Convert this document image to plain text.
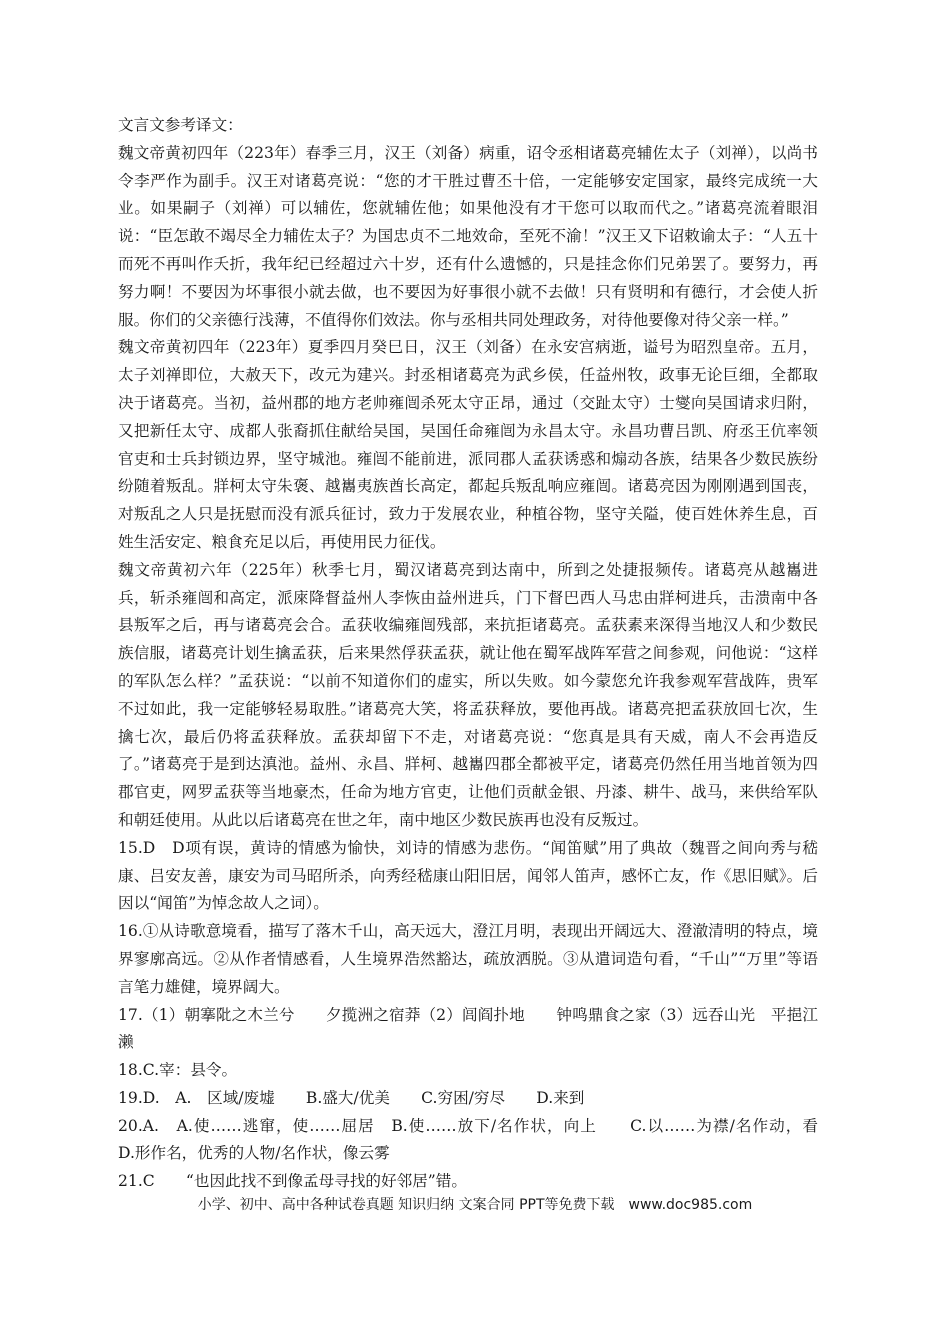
文言文参考译文：

魏文帝黄初四年（223年）春季三月，汉王（刘备）病重，诏令丞相诸葛亮辅佐太子（刘禅），以尚书令李严作为副手。汉王对诸葛亮说：“您的才干胜过曹丕十倍，一定能够安定国家，最终完成统一大业。如果嗣子（刘禅）可以辅佐，您就辅佐他；如果他没有才干您可以取而代之。”诸葛亮流着眼泪说：“臣怎敢不竭尽全力辅佐太子？为国忠贞不二地效命，至死不渝！”汉王又下诏敕谕太子：“人五十而死不再叫作夭折，我年纪已经超过六十岁，还有什么遗憾的，只是挂念你们兄弟罢了。要努力，再努力啊！不要因为坏事很小就去做，也不要因为好事很小就不去做！只有贤明和有德行，才会使人折服。你们的父亲德行浅薄，不值得你们效法。你与丞相共同处理政务，对待他要像对待父亲一样。”

魏文帝黄初四年（223年）夏季四月癸巳日，汉王（刘备）在永安宫病逝，谥号为昭烈皇帝。五月，太子刘禅即位，大赦天下，改元为建兴。封丞相诸葛亮为武乡侯，任益州牧，政事无论巨细，全都取决于诸葛亮。当初，益州郡的地方老帅雍闿杀死太守正昂，通过（交趾太守）士燮向吴国请求归附，又把新任太守、成都人张裔抓住献给吴国，吴国任命雍闿为永昌太守。永昌功曹吕凯、府丞王伉率领官吏和士兵封锁边界，坚守城池。雍闿不能前进，派同郡人孟获诱惑和煽动各族，结果各少数民族纷纷随着叛乱。牂柯太守朱褒、越巂夷族酋长高定，都起兵叛乱响应雍闿。诸葛亮因为刚刚遇到国丧，对叛乱之人只是抚慰而没有派兵征讨，致力于发展农业，种植谷物，坚守关隘，使百姓休养生息，百姓生活安定、粮食充足以后，再使用民力征伐。

魏文帝黄初六年（225年）秋季七月，蜀汉诸葛亮到达南中，所到之处捷报频传。诸葛亮从越巂进兵，斩杀雍闿和高定，派庲降督益州人李恢由益州进兵，门下督巴西人马忠由牂柯进兵，击溃南中各县叛军之后，再与诸葛亮会合。孟获收编雍闿残部，来抗拒诸葛亮。孟获素来深得当地汉人和少数民族信服，诸葛亮计划生擒孟获，后来果然俘获孟获，就让他在蜀军战阵军营之间参观，问他说：“这样的军队怎么样？”孟获说：“以前不知道你们的虚实，所以失败。如今蒙您允许我参观军营战阵，贵军不过如此，我一定能够轻易取胜。”诸葛亮大笑，将孟获释放，要他再战。诸葛亮把孟获放回七次，生擒七次，最后仍将孟获释放。孟获却留下不走，对诸葛亮说：“您真是具有天威，南人不会再造反了。”诸葛亮于是到达滇池。益州、永昌、牂柯、越巂四郡全都被平定，诸葛亮仍然任用当地首领为四郡官吏，网罗孟获等当地豪杰，任命为地方官吏，让他们贡献金银、丹漆、耕牛、战马，来供给军队和朝廷使用。从此以后诸葛亮在世之年，南中地区少数民族再也没有反叛过。

15.D　D项有误，黄诗的情感为愉快，刘诗的情感为悲伤。“闻笛赋”用了典故（魏晋之间向秀与嵇康、吕安友善，康安为司马昭所杀，向秀经嵇康山阳旧居，闻邻人笛声，感怀亡友，作《思旧赋》。后因以“闻笛”为悼念故人之词）。

16.①从诗歌意境看，描写了落木千山，高天远大，澄江月明，表现出开阔远大、澄澈清明的特点，境界寥廓高远。②从作者情感看，人生境界浩然豁达，疏放洒脱。③从遣词造句看，“千山”“万里”等语言笔力雄健，境界阔大。

17.（1）朝搴阰之木兰兮　　夕揽洲之宿莽（2）闾阎扑地　　钟鸣鼎食之家（3）远吞山光　平挹江濑

18.C.宰：县令。

19.D.　A.　区域/废墟　　B.盛大/优美　　C.穷困/穷尽　　D.来到

20.A.　A.使……逃窜，使……屈居　B.使……放下/名作状，向上　　C.以……为襟/名作动，看　　D.形作名，优秀的人物/名作状，像云雾

21.C　　“也因此找不到像孟母寻找的好邻居”错。

小学、初中、高中各种试卷真题 知识归纳 文案合同 PPT等免费下载　www.doc985.com
